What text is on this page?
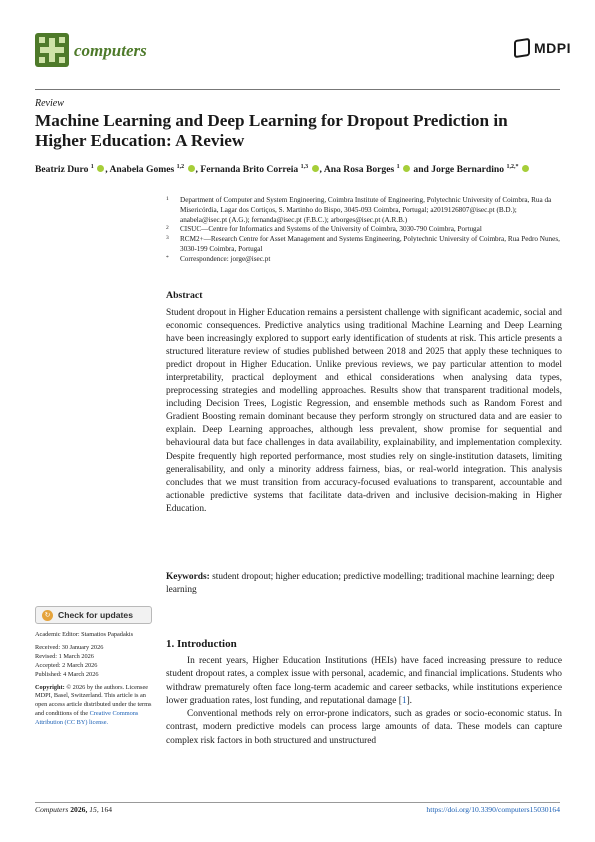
computers	MDPI
Review
Machine Learning and Deep Learning for Dropout Prediction in Higher Education: A Review
Beatriz Duro $^1$ , Anabela Gomes $^{1,2}$ , Fernanda Brito Correia $^{1,3}$ , Ana Rosa Borges $^1$ and Jorge Bernardino $^{1,2,*}$
1	Department of Computer and System Engineering, Coimbra Institute of Engineering, Polytechnic University of Coimbra, Rua da Misericórdia, Lagar dos Cortiços, S. Martinho do Bispo, 3045-093 Coimbra, Portugal; a2019126807@isec.pt (B.D.); anabela@isec.pt (A.G.); fernanda@isec.pt (F.B.C.); arborges@isec.pt (A.R.B.)
2	CISUC—Centre for Informatics and Systems of the University of Coimbra, 3030-790 Coimbra, Portugal
3	RCM2+—Research Centre for Asset Management and Systems Engineering, Polytechnic University of Coimbra, Rua Pedro Nunes, 3030-199 Coimbra, Portugal
*	Correspondence: jorge@isec.pt
Abstract
Student dropout in Higher Education remains a persistent challenge with significant academic, social and economic consequences. Predictive analytics using traditional Machine Learning and Deep Learning have been increasingly explored to support early identification of students at risk. This article presents a structured literature review of studies published between 2018 and 2025 that apply these techniques to predict dropout in Higher Education. Unlike previous reviews, we pay particular attention to model interpretability, practical deployment and ethical considerations when analysing data types, preprocessing strategies and modelling approaches. Results show that transparent traditional models, including Decision Trees, Logistic Regression, and ensemble methods such as Random Forest and Gradient Boosting remain dominant because they perform strongly on structured data and are easier to explain. Deep Learning approaches, although less prevalent, show promise for sequential and behavioural data but face challenges in data availability, explainability, and implementation complexity. Despite frequently high reported performance, most studies rely on single-institution datasets, limiting generalisability, and only a minority address fairness, bias, or real-world integration. This analysis concludes that we must transition from accuracy-focused evaluations to transparent, accountable and actionable predictive systems that facilitate data-driven and inclusive decision-making in Higher Education.
Keywords: student dropout; higher education; predictive modelling; traditional machine learning; deep learning
1. Introduction

In recent years, Higher Education Institutions (HEIs) have faced increasing pressure to reduce student dropout rates, a complex issue with personal, academic, and financial implications. Students who withdraw prematurely often face long-term academic and career setbacks, while institutions experience lower graduation rates, lost funding, and reputational damage [1].

Conventional methods rely on error-prone indicators, such as grades or socio-economic status. In contrast, modern predictive models can process large amounts of data. These models can capture complex risk factors in both structured and unstructured

↻ Check for updates
Academic Editor: Stamatios Papadakis
Received: 30 January 2026
Revised: 1 March 2026
Accepted: 2 March 2026
Published: 4 March 2026
Copyright: © 2026 by the authors. Licensee MDPI, Basel, Switzerland. This article is an open access article distributed under the terms and conditions of the Creative Commons Attribution (CC BY) license.
Computers 2026, 15, 164	https://doi.org/10.3390/computers15030164
